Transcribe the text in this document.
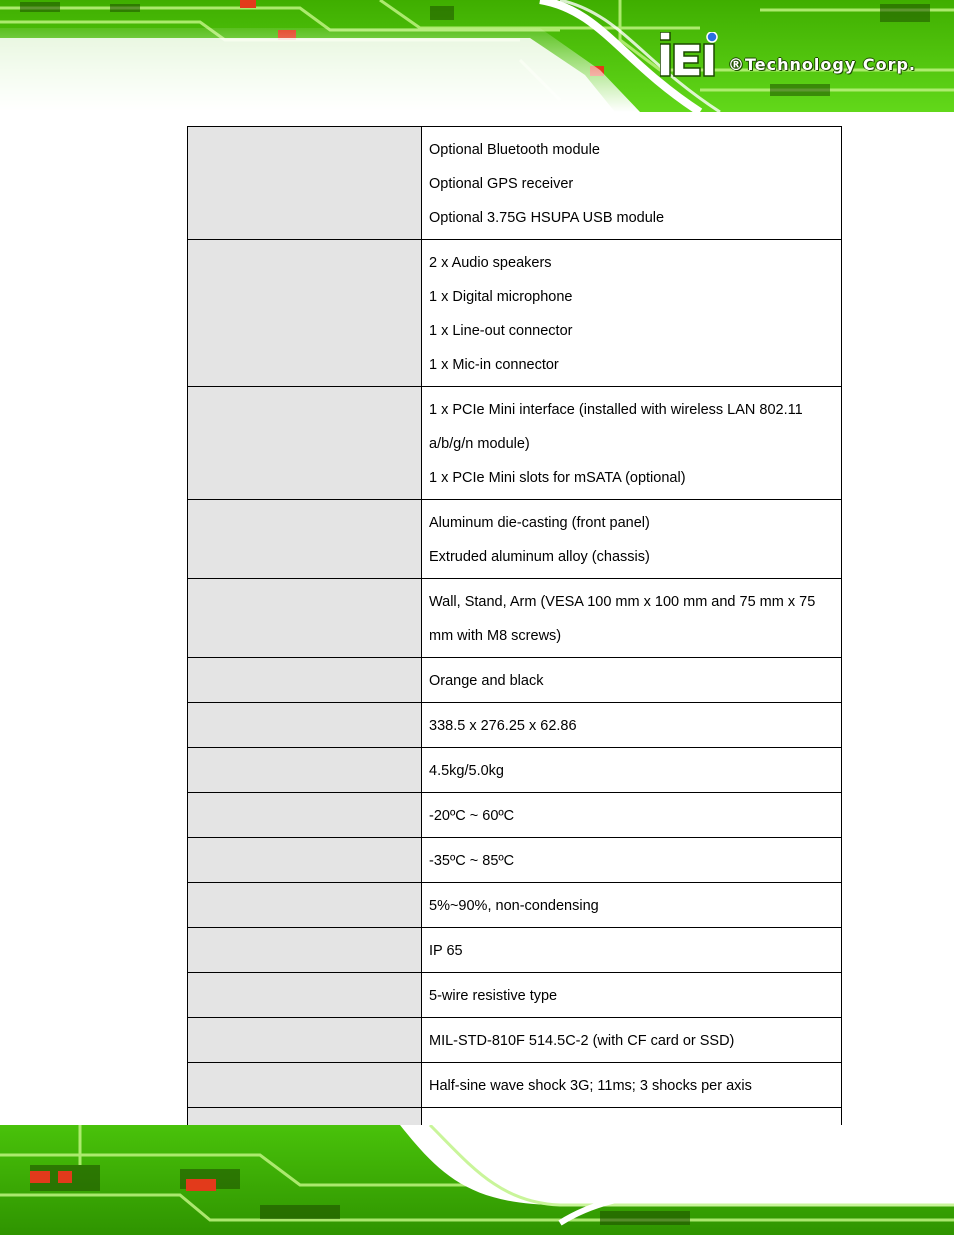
®Technology Corp.

	Optional Bluetooth module
Optional GPS receiver
Optional 3.75G HSUPA USB module

	2 x Audio speakers
1 x Digital microphone
1 x Line-out connector
1 x Mic-in connector

	1 x PCIe Mini interface (installed with wireless LAN 802.11 a/b/g/n module)
1 x PCIe Mini slots for mSATA (optional)

	Aluminum die-casting (front panel)
Extruded aluminum alloy (chassis)

	Wall, Stand, Arm (VESA 100 mm x 100 mm and 75 mm x 75 mm with M8 screws)

	Orange and black

	338.5 x 276.25 x 62.86

	4.5kg/5.0kg

	-20ºC ~ 60ºC

	-35ºC ~ 85ºC

	5%~90%, non-condensing

	IP 65

	5-wire resistive type

	MIL-STD-810F 514.5C-2 (with CF card or SSD)

	Half-sine wave shock 3G; 11ms; 3 shocks per axis
